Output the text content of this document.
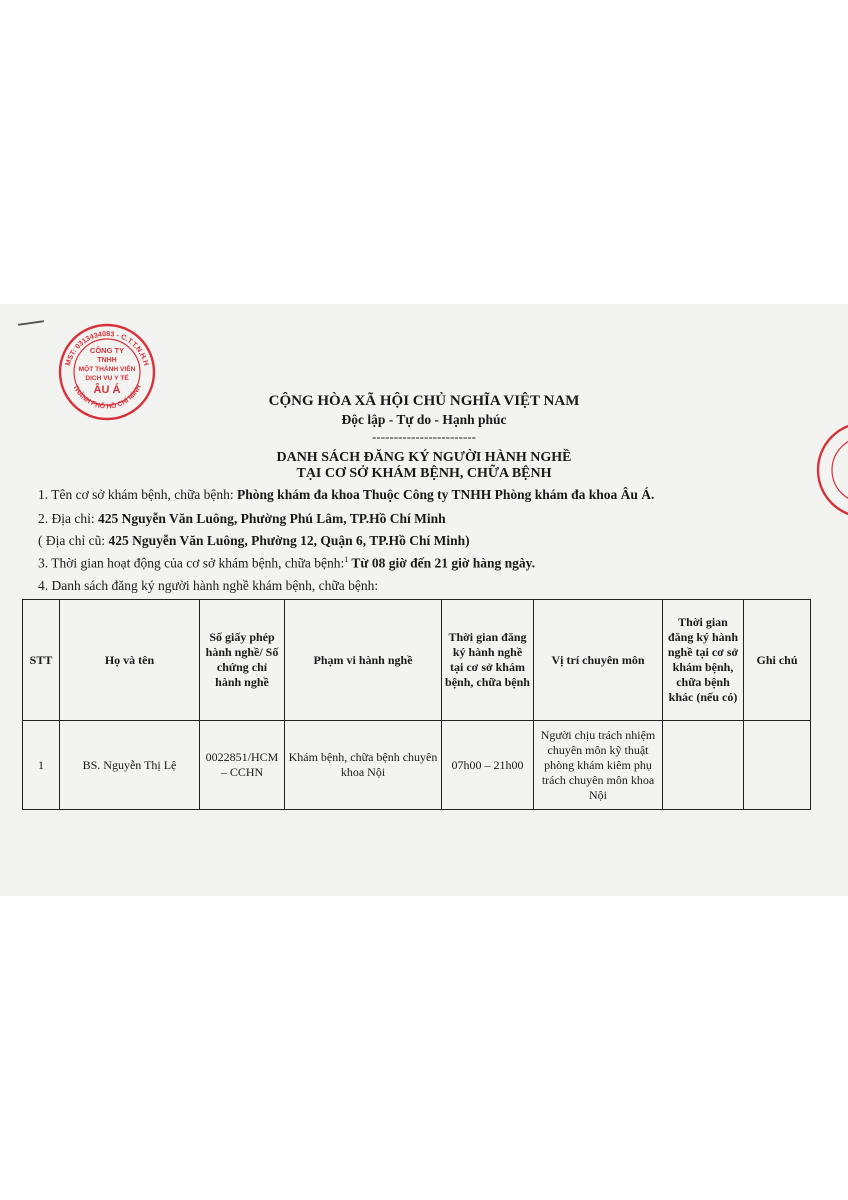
MST: 0313434083 - C.T.T.N.H.H
THÀNH PHỐ HỒ CHÍ MINH
CÔNG TY
TNHH
MỘT THÀNH VIÊN
DỊCH VỤ Y TẾ
ÂU Á
CỘNG HÒA XÃ HỘI CHỦ NGHĨA VIỆT NAM
Độc lập - Tự do - Hạnh phúc
------------------------
DANH SÁCH ĐĂNG KÝ NGƯỜI HÀNH NGHỀ
TẠI CƠ SỞ KHÁM BỆNH, CHỮA BỆNH
1. Tên cơ sở khám bệnh, chữa bệnh: Phòng khám đa khoa Thuộc Công ty TNHH Phòng khám đa khoa Âu Á.
2. Địa chỉ: 425 Nguyễn Văn Luông, Phường Phú Lâm, TP.Hồ Chí Minh
( Địa chỉ cũ: 425 Nguyễn Văn Luông, Phường 12, Quận 6, TP.Hồ Chí Minh)
3. Thời gian hoạt động của cơ sở khám bệnh, chữa bệnh:$^1$ Từ 08 giờ đến 21 giờ hàng ngày.
4. Danh sách đăng ký người hành nghề khám bệnh, chữa bệnh:
STT	Họ và tên	Số giấy phép hành nghề/ Số chứng chỉ hành nghề	Phạm vi hành nghề	Thời gian đăng ký hành nghề tại cơ sở khám bệnh, chữa bệnh	Vị trí chuyên môn	Thời gian đăng ký hành nghề tại cơ sở khám bệnh, chữa bệnh khác (nếu có)	Ghi chú
1	BS. Nguyễn Thị Lệ	0022851/HCM – CCHN	Khám bệnh, chữa bệnh chuyên khoa Nội	07h00 – 21h00	Người chịu trách nhiệm chuyên môn kỹ thuật phòng khám kiêm phụ trách chuyên môn khoa Nội		
